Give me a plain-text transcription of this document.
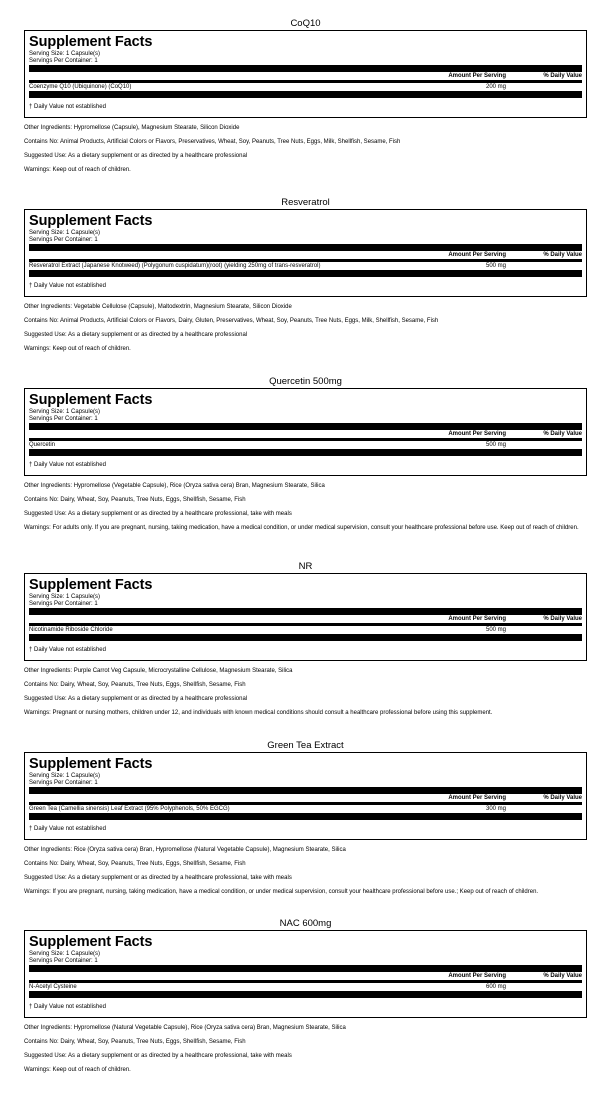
CoQ10
Supplement Facts
Serving Size: 1 Capsule(s)
Servings Per Container: 1
Amount Per Serving	% Daily Value
Coenzyme Q10 (Ubiquinone) (CoQ10)	200 mg
† Daily Value not established
Other Ingredients: Hypromellose (Capsule), Magnesium Stearate, Silicon Dioxide
Contains No: Animal Products, Artificial Colors or Flavors, Preservatives, Wheat, Soy, Peanuts, Tree Nuts, Eggs, Milk, Shellfish, Sesame, Fish
Suggested Use: As a dietary supplement or as directed by a healthcare professional
Warnings: Keep out of reach of children.
Resveratrol
Supplement Facts
Serving Size: 1 Capsule(s)
Servings Per Container: 1
Amount Per Serving	% Daily Value
Resveratrol Extract (Japanese Knotweed) (Polygonum cuspidatum)(root) (yielding 250mg of trans-resveratrol)	500 mg
† Daily Value not established
Other Ingredients: Vegetable Cellulose (Capsule), Maltodextrin, Magnesium Stearate, Silicon Dioxide
Contains No: Animal Products, Artificial Colors or Flavors, Dairy, Gluten, Preservatives, Wheat, Soy, Peanuts, Tree Nuts, Eggs, Milk, Shellfish, Sesame, Fish
Suggested Use: As a dietary supplement or as directed by a healthcare professional
Warnings: Keep out of reach of children.
Quercetin 500mg
Supplement Facts
Serving Size: 1 Capsule(s)
Servings Per Container: 1
Amount Per Serving	% Daily Value
Quercetin	500 mg
† Daily Value not established
Other Ingredients: Hypromellose (Vegetable Capsule), Rice (Oryza sativa cera) Bran, Magnesium Stearate, Silica
Contains No: Dairy, Wheat, Soy, Peanuts, Tree Nuts, Eggs, Shellfish, Sesame, Fish
Suggested Use: As a dietary supplement or as directed by a healthcare professional, take with meals
Warnings: For adults only. If you are pregnant, nursing, taking medication, have a medical condition, or under medical supervision, consult your healthcare professional before use. Keep out of reach of children.
NR
Supplement Facts
Serving Size: 1 Capsule(s)
Servings Per Container: 1
Amount Per Serving	% Daily Value
Nicotinamide Riboside Chloride	500 mg
† Daily Value not established
Other Ingredients: Purple Carrot Veg Capsule, Microcrystalline Cellulose, Magnesium Stearate, Silica
Contains No: Dairy, Wheat, Soy, Peanuts, Tree Nuts, Eggs, Shellfish, Sesame, Fish
Suggested Use: As a dietary supplement or as directed by a healthcare professional
Warnings: Pregnant or nursing mothers, children under 12, and individuals with known medical conditions should consult a healthcare professional before using this supplement.
Green Tea Extract
Supplement Facts
Serving Size: 1 Capsule(s)
Servings Per Container: 1
Amount Per Serving	% Daily Value
Green Tea (Camellia sinensis) Leaf Extract (95% Polyphenols, 50% EGCG)	300 mg
† Daily Value not established
Other Ingredients: Rice (Oryza sativa cera) Bran, Hypromellose (Natural Vegetable Capsule), Magnesium Stearate, Silica
Contains No: Dairy, Wheat, Soy, Peanuts, Tree Nuts, Eggs, Shellfish, Sesame, Fish
Suggested Use: As a dietary supplement or as directed by a healthcare professional, take with meals
Warnings: If you are pregnant, nursing, taking medication, have a medical condition, or under medical supervision, consult your healthcare professional before use.; Keep out of reach of children.
NAC 600mg
Supplement Facts
Serving Size: 1 Capsule(s)
Servings Per Container: 1
Amount Per Serving	% Daily Value
N-Acetyl Cysteine	600 mg
† Daily Value not established
Other Ingredients: Hypromellose (Natural Vegetable Capsule), Rice (Oryza sativa cera) Bran, Magnesium Stearate, Silica
Contains No: Dairy, Wheat, Soy, Peanuts, Tree Nuts, Eggs, Shellfish, Sesame, Fish
Suggested Use: As a dietary supplement or as directed by a healthcare professional, take with meals
Warnings: Keep out of reach of children.
